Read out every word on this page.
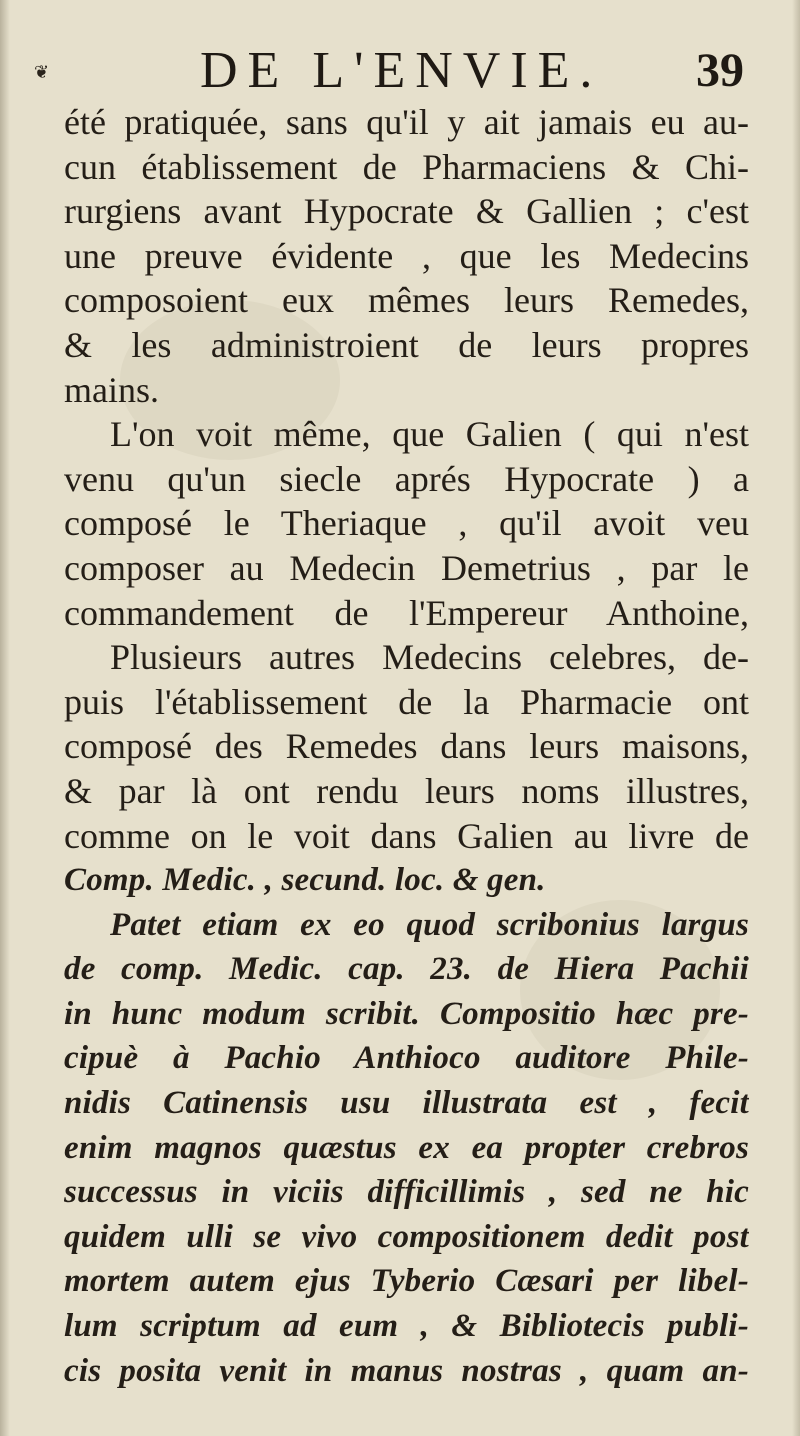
❦	DE L'ENVIE. 39
été pratiquée, sans qu'il y ait jamais eu au-
cun établissement de Pharmaciens & Chi-
rurgiens avant Hypocrate & Gallien ; c'est
une preuve évidente , que les Medecins
composoient eux mêmes leurs Remedes,
& les administroient de leurs propres
mains.
L'on voit même, que Galien ( qui n'est
venu qu'un siecle aprés Hypocrate ) a
composé le Theriaque , qu'il avoit veu
composer au Medecin Demetrius , par le
commandement de l'Empereur Anthoine,
Plusieurs autres Medecins celebres, de-
puis l'établissement de la Pharmacie ont
composé des Remedes dans leurs maisons,
& par là ont rendu leurs noms illustres,
comme on le voit dans Galien au livre de
Comp. Medic. , secund. loc. & gen.
Patet etiam ex eo quod scribonius largus
de comp. Medic. cap. 23. de Hiera Pachii
in hunc modum scribit. Compositio hæc pre-
cipuè à Pachio Anthioco auditore Phile-
nidis Catinensis usu illustrata est , fecit
enim magnos quæstus ex ea propter crebros
successus in viciis difficillimis , sed ne hic
quidem ulli se vivo compositionem dedit post
mortem autem ejus Tyberio Cæsari per libel-
lum scriptum ad eum , & Bibliotecis publi-
cis posita venit in manus nostras , quam an-
